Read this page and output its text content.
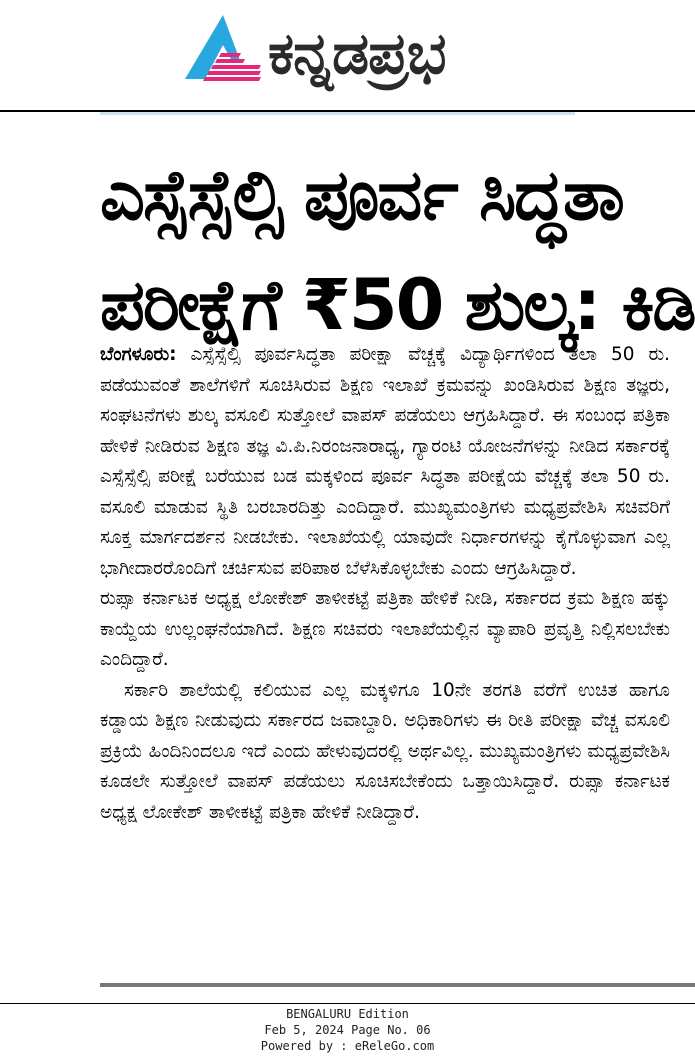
ಕನ್ನಡಪ್ರಭ
ಎಸ್ಸೆಸ್ಸೆಲ್ಸಿ ಪೂರ್ವ ಸಿದ್ಧತಾ
ಪರೀಕ್ಷೆಗೆ ₹50 ಶುಲ್ಕ: ಕಿಡಿ

ಬೆಂಗಳೂರು: ಎಸ್ಸೆಸ್ಸೆಲ್ಸಿ ಪೂರ್ವಸಿದ್ಧತಾ ಪರೀಕ್ಷಾ ವೆಚ್ಚಕ್ಕೆ ವಿದ್ಯಾರ್ಥಿಗಳಿಂದ ತಲಾ 50 ರು. ಪಡೆಯುವಂತೆ ಶಾಲೆಗಳಿಗೆ ಸೂಚಿಸಿರುವ ಶಿಕ್ಷಣ ಇಲಾಖೆ ಕ್ರಮವನ್ನು ಖಂಡಿಸಿರುವ ಶಿಕ್ಷಣ ತಜ್ಞರು, ಸಂಘಟನೆಗಳು ಶುಲ್ಕ ವಸೂಲಿ ಸುತ್ತೋಲೆ ವಾಪಸ್ ಪಡೆಯಲು ಆಗ್ರಹಿಸಿದ್ದಾರೆ. ಈ ಸಂಬಂಧ ಪತ್ರಿಕಾ ಹೇಳಿಕೆ ನೀಡಿರುವ ಶಿಕ್ಷಣ ತಜ್ಞ ವಿ.ಪಿ.ನಿರಂಜನಾರಾಧ್ಯ, ಗ್ಯಾರಂಟಿ ಯೋಜನೆಗಳನ್ನು ನೀಡಿದ ಸರ್ಕಾರಕ್ಕೆ ಎಸ್ಸೆಸ್ಸೆಲ್ಸಿ ಪರೀಕ್ಷೆ ಬರೆಯುವ ಬಡ ಮಕ್ಕಳಿಂದ ಪೂರ್ವ ಸಿದ್ಧತಾ ಪರೀಕ್ಷೆಯ ವೆಚ್ಚಕ್ಕೆ ತಲಾ 50 ರು. ವಸೂಲಿ ಮಾಡುವ ಸ್ಥಿತಿ ಬರಬಾರದಿತ್ತು ಎಂದಿದ್ದಾರೆ. ಮುಖ್ಯಮಂತ್ರಿಗಳು ಮಧ್ಯಪ್ರವೇಶಿಸಿ ಸಚಿವರಿಗೆ ಸೂಕ್ತ ಮಾರ್ಗದರ್ಶನ ನೀಡಬೇಕು. ಇಲಾಖೆಯಲ್ಲಿ ಯಾವುದೇ ನಿರ್ಧಾರಗಳನ್ನು ಕೈಗೊಳ್ಳುವಾಗ ಎಲ್ಲ ಭಾಗೀದಾರರೊಂದಿಗೆ ಚರ್ಚಿಸುವ ಪರಿಪಾಠ ಬೆಳೆಸಿಕೊಳ್ಳಬೇಕು ಎಂದು ಆಗ್ರಹಿಸಿದ್ದಾರೆ.

ರುಪ್ಸಾ ಕರ್ನಾಟಕ ಅಧ್ಯಕ್ಷ ಲೋಕೇಶ್ ತಾಳೀಕಟ್ಟೆ ಪತ್ರಿಕಾ ಹೇಳಿಕೆ ನೀಡಿ, ಸರ್ಕಾರದ ಕ್ರಮ ಶಿಕ್ಷಣ ಹಕ್ಕು ಕಾಯ್ದೆಯ ಉಲ್ಲಂಘನೆಯಾಗಿದೆ. ಶಿಕ್ಷಣ ಸಚಿವರು ಇಲಾಖೆಯಲ್ಲಿನ ವ್ಯಾಪಾರಿ ಪ್ರವೃತ್ತಿ ನಿಲ್ಲಿಸಲಬೇಕು ಎಂದಿದ್ದಾರೆ.

ಸರ್ಕಾರಿ ಶಾಲೆಯಲ್ಲಿ ಕಲಿಯುವ ಎಲ್ಲ ಮಕ್ಕಳಿಗೂ 10ನೇ ತರಗತಿ ವರೆಗೆ ಉಚಿತ ಹಾಗೂ ಕಡ್ಡಾಯ ಶಿಕ್ಷಣ ನೀಡುವುದು ಸರ್ಕಾರದ ಜವಾಬ್ದಾರಿ. ಅಧಿಕಾರಿಗಳು ಈ ರೀತಿ ಪರೀಕ್ಷಾ ವೆಚ್ಚ ವಸೂಲಿ ಪ್ರಕ್ರಿಯೆ ಹಿಂದಿನಿಂದಲೂ ಇದೆ ಎಂದು ಹೇಳುವುದರಲ್ಲಿ ಅರ್ಥವಿಲ್ಲ. ಮುಖ್ಯಮಂತ್ರಿಗಳು ಮಧ್ಯಪ್ರವೇಶಿಸಿ ಕೂಡಲೇ ಸುತ್ತೋಲೆ ವಾಪಸ್ ಪಡೆಯಲು ಸೂಚಿಸಬೇಕೆಂದು ಒತ್ತಾಯಿಸಿದ್ದಾರೆ. ರುಪ್ಸಾ ಕರ್ನಾಟಕ ಅಧ್ಯಕ್ಷ ಲೋಕೇಶ್ ತಾಳೀಕಟ್ಟೆ ಪತ್ರಿಕಾ ಹೇಳಿಕೆ ನೀಡಿದ್ದಾರೆ.

BENGALURU Edition
Feb 5, 2024 Page No. 06
Powered by : eReleGo.com
